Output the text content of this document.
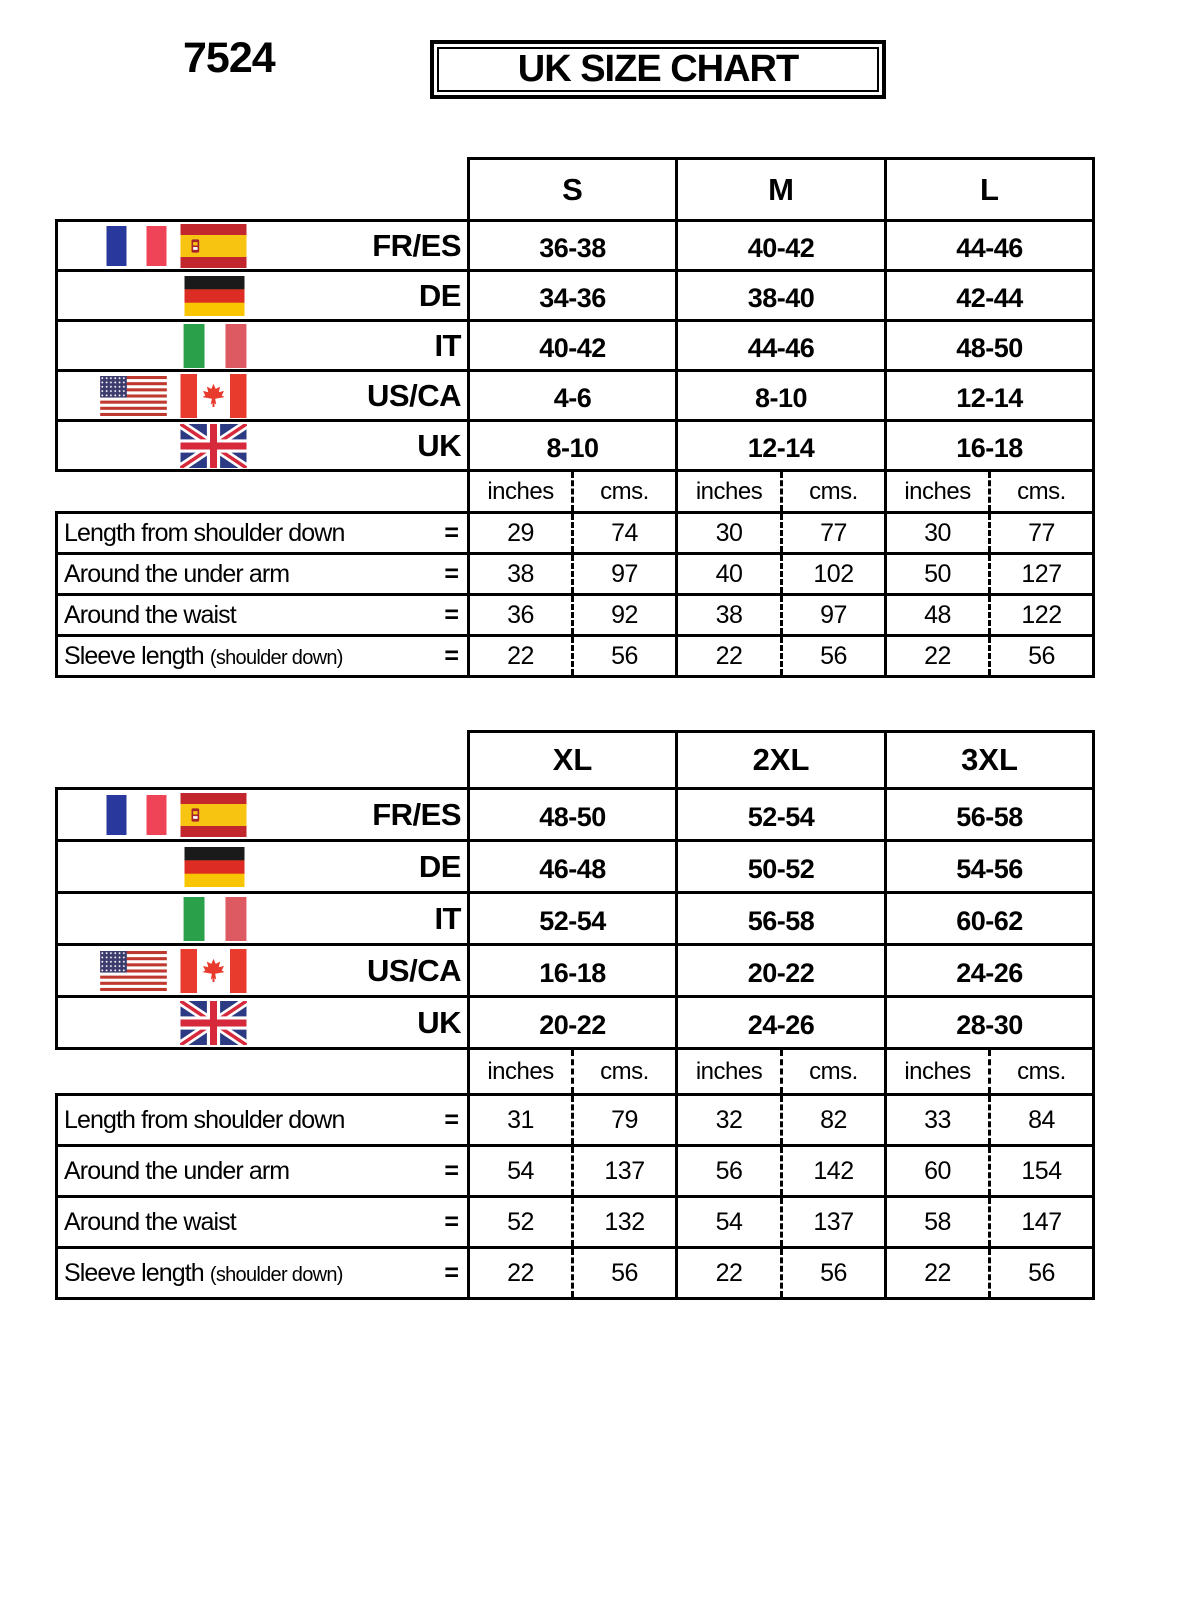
7524	UK SIZE CHART
	S		M		L	

FR/ES	36-38		40-42		44-46	

DE	34-36		38-40		42-44	

IT	40-42		44-46		48-50	

US/CA	4-6		8-10		12-14	

UK	8-10		12-14		16-18	
	inches	cms.	inches	cms.	inches	cms.

Length from shoulder down =	29	74	30	77	30	77

Around the under arm =	38	97	40	102	50	127

Around the waist =	36	92	38	97	48	122

Sleeve length (shoulder down) =	22	56	22	56	22	56
	XL		2XL		3XL	

FR/ES	48-50		52-54		56-58	

DE	46-48		50-52		54-56	

IT	52-54		56-58		60-62	

US/CA	16-18		20-22		24-26	

UK	20-22		24-26		28-30	
	inches	cms.	inches	cms.	inches	cms.

Length from shoulder down =	31	79	32	82	33	84

Around the under arm =	54	137	56	142	60	154

Around the waist =	52	132	54	137	58	147

Sleeve length (shoulder down) =	22	56	22	56	22	56
